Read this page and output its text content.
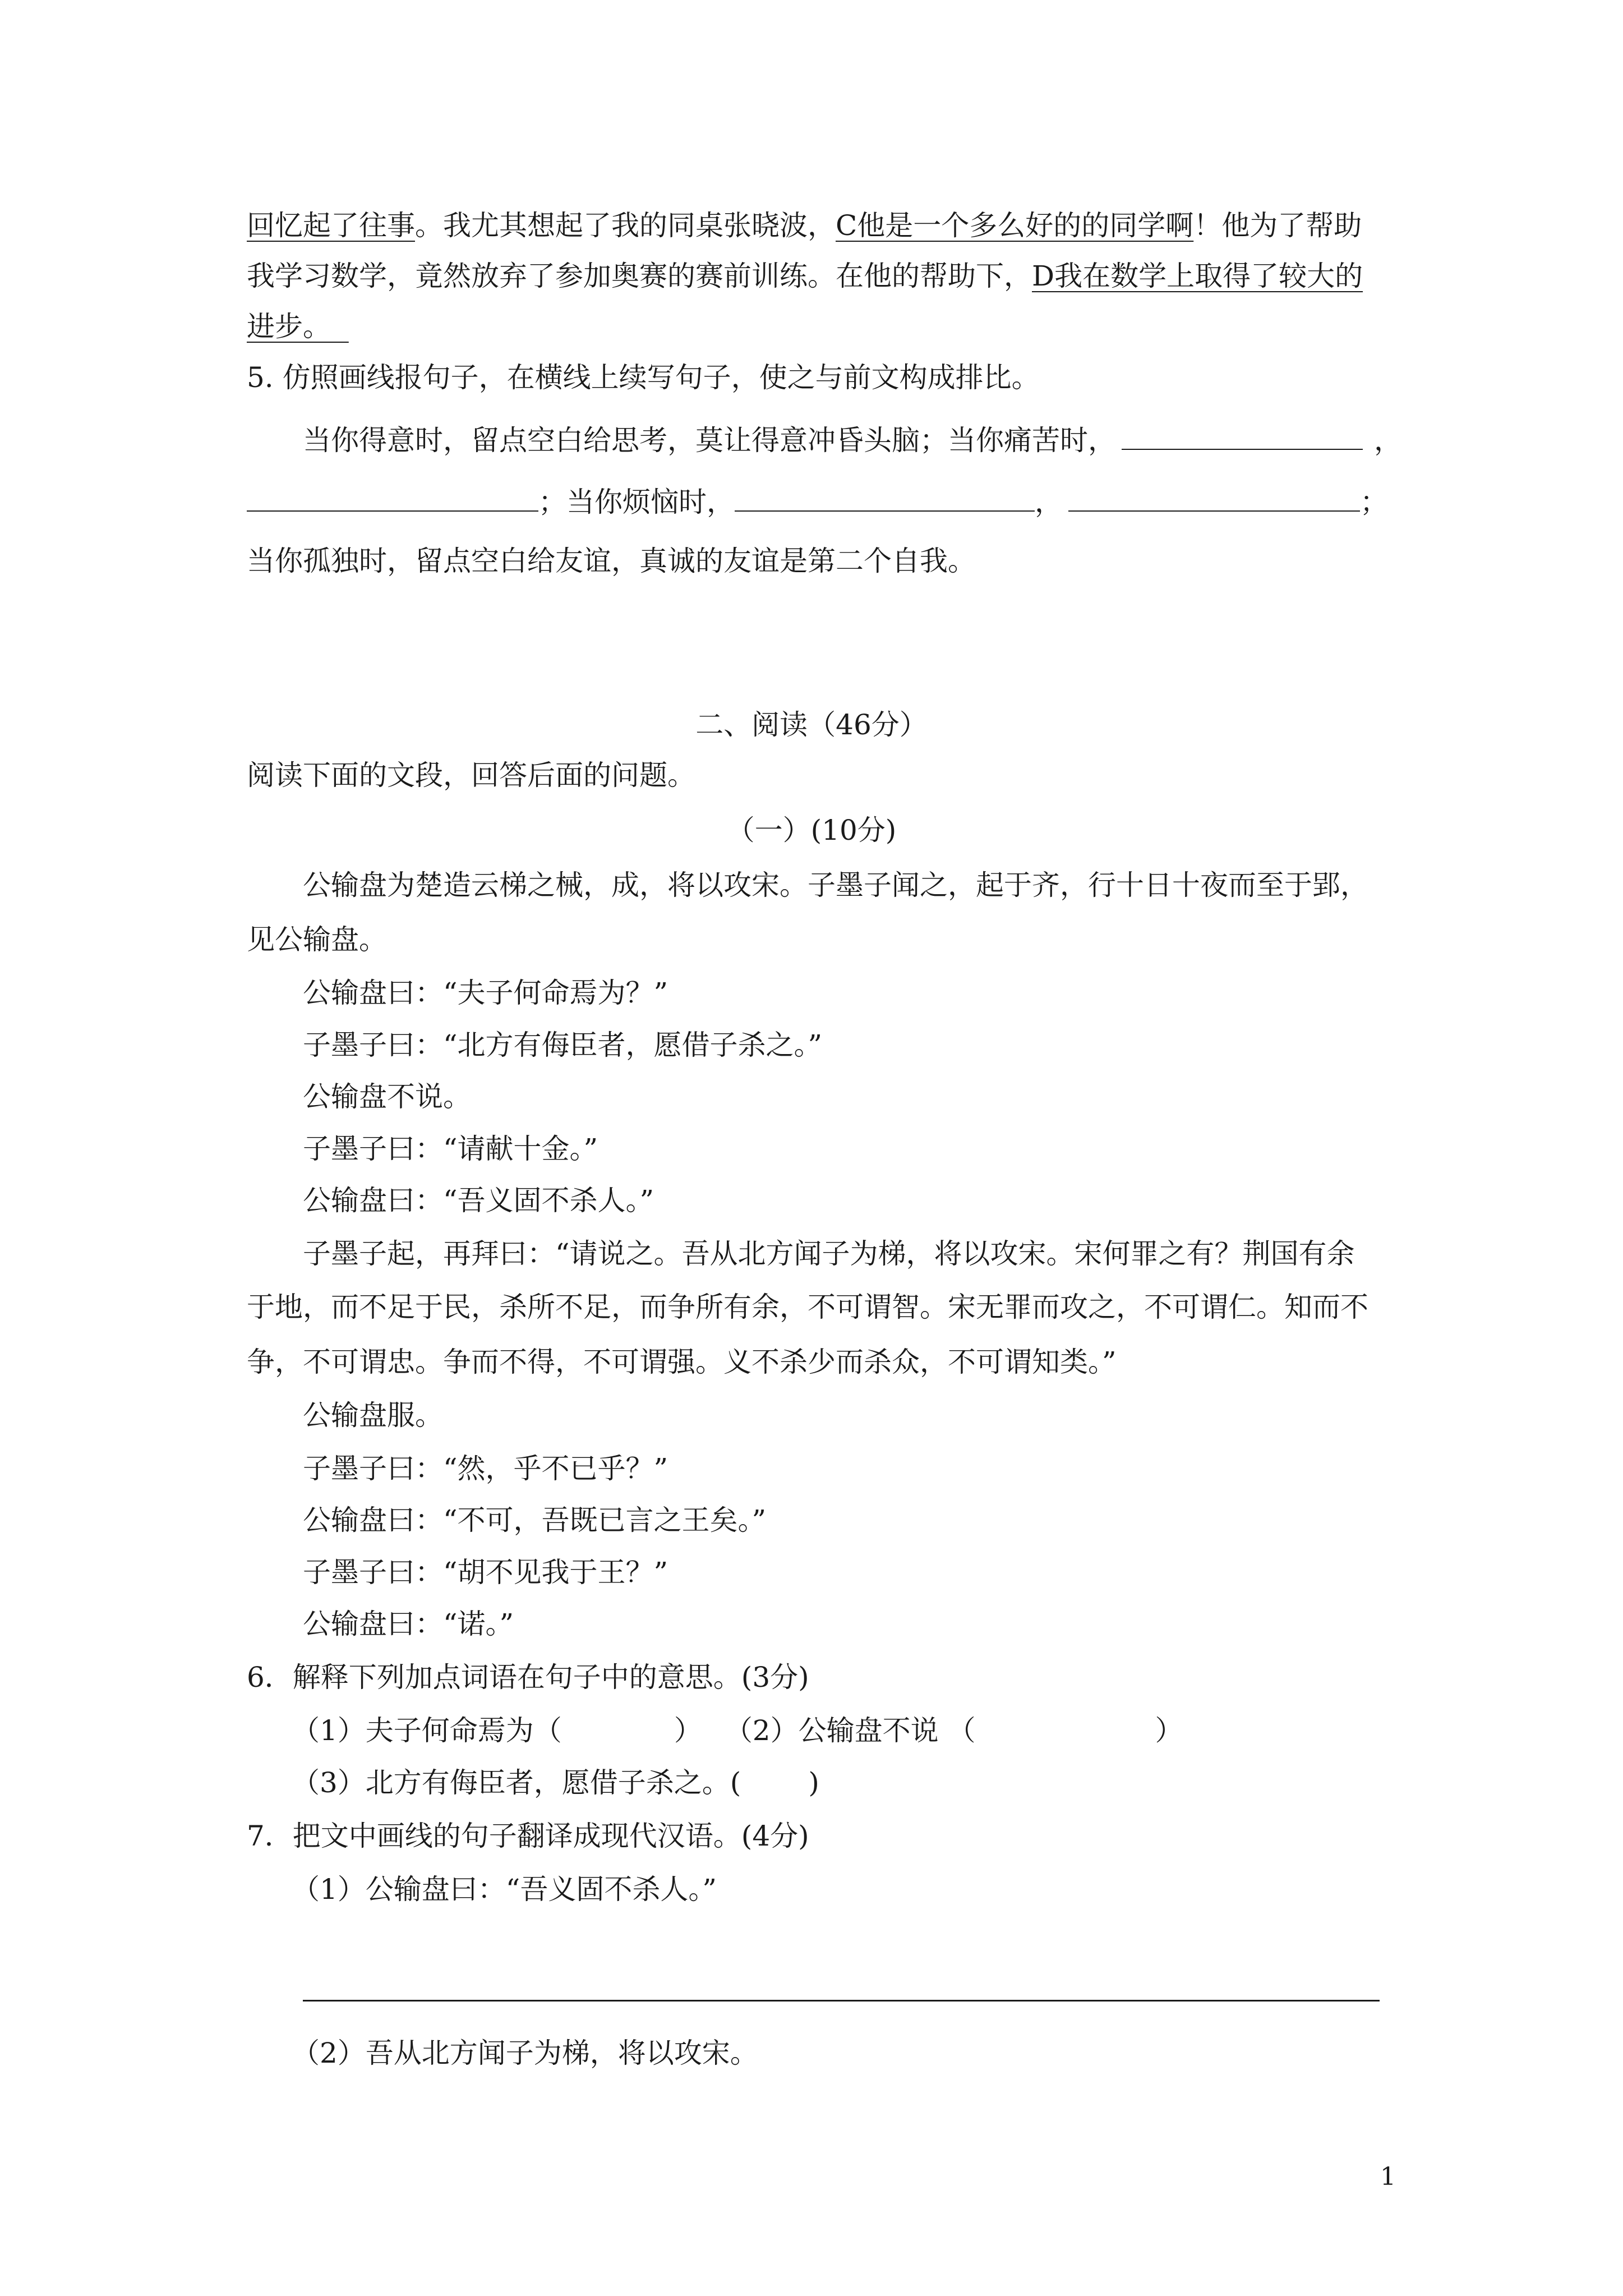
回忆起了往事。我尤其想起了我的同桌张晓波，C他是一个多么好的的同学啊！他为了帮助
我学习数学，竟然放弃了参加奥赛的赛前训练。在他的帮助下，D我在数学上取得了较大的
进步。
5. 仿照画线报句子，在横线上续写句子，使之与前文构成排比。
当你得意时，留点空白给思考，莫让得意冲昏头脑；当你痛苦时，	，
；当你烦恼时，	，	；
当你孤独时，留点空白给友谊，真诚的友谊是第二个自我。
二、阅读（46分）
阅读下面的文段，回答后面的问题。
（一）(10分)
公输盘为楚造云梯之械，成，将以攻宋。子墨子闻之，起于齐，行十日十夜而至于郢，
见公输盘。
公输盘曰：“夫子何命焉为？”
子墨子曰：“北方有侮臣者，愿借子杀之。”
公输盘不说。
子墨子曰：“请献十金。”
公输盘曰：“吾义固不杀人。”
子墨子起，再拜曰：“请说之。吾从北方闻子为梯，将以攻宋。宋何罪之有？荆国有余
于地，而不足于民，杀所不足，而争所有余，不可谓智。宋无罪而攻之，不可谓仁。知而不
争，不可谓忠。争而不得，不可谓强。义不杀少而杀众，不可谓知类。”
公输盘服。
子墨子曰：“然，乎不已乎？”
公输盘曰：“不可，吾既已言之王矣。”
子墨子曰：“胡不见我于王？”
公输盘曰：“诺。”
6．解释下列加点词语在句子中的意思。(3分)
（1）夫子何命焉为（	） （2）公输盘不说 （	）
（3）北方有侮臣者，愿借子杀之。( )
7．把文中画线的句子翻译成现代汉语。(4分)
（1）公输盘曰：“吾义固不杀人。”
（2）吾从北方闻子为梯，将以攻宋。
1
